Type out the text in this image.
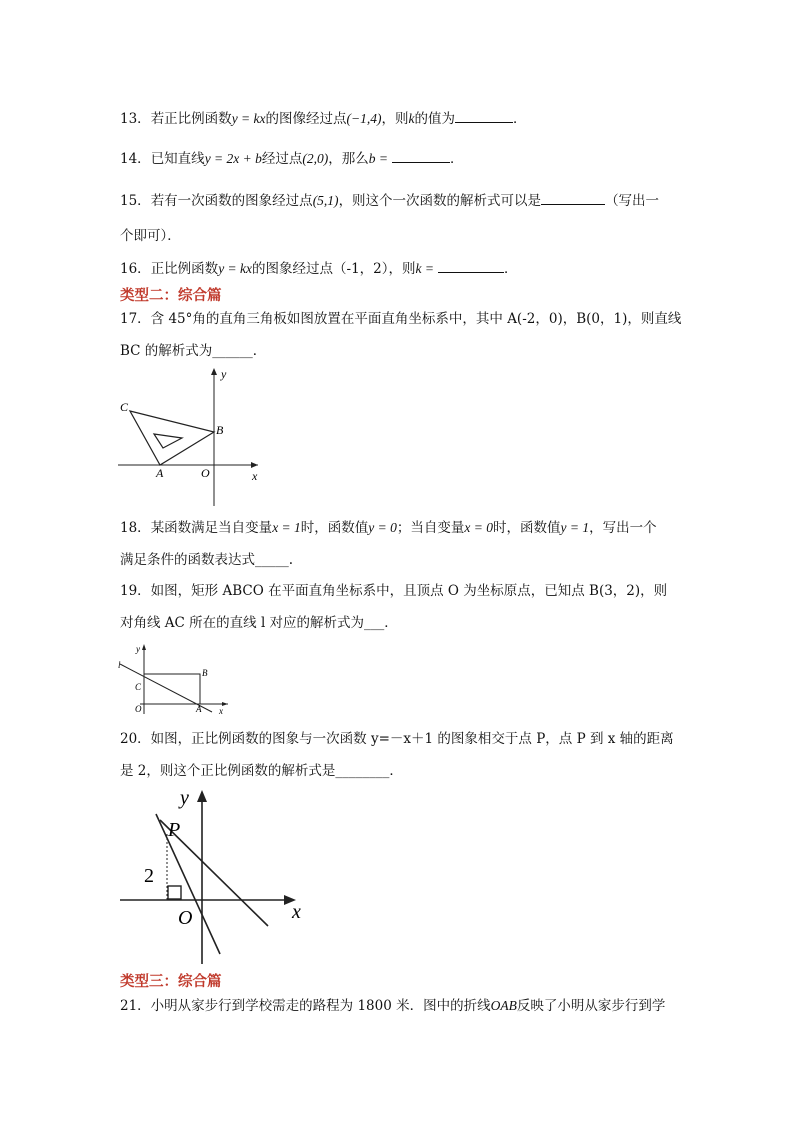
13．若正比例函数y = kx的图像经过点(−1,4)，则k的值为	．
14．已知直线y = 2x + b经过点(2,0)，那么b =	．
15．若有一次函数的图象经过点(5,1)，则这个一次函数的解析式可以是	（写出一
个即可）．
16．正比例函数y = kx的图象经过点（-1，2），则k =	．
类型二：综合篇
17．含 45°角的直角三角板如图放置在平面直角坐标系中，其中 A(-2，0)，B(0，1)，则直线
BC 的解析式为______．
y
x
C
B
A	O
18．某函数满足当自变量x = 1时，函数值y = 0；当自变量x = 0时，函数值y = 1，写出一个
满足条件的函数表达式_____.
19．如图，矩形 ABCO 在平面直角坐标系中，且顶点 O 为坐标原点，已知点 B(3，2)，则
对角线 AC 所在的直线 l 对应的解析式为___．
y
x
l
B
C
O	A
20．如图，正比例函数的图象与一次函数 y=－x＋1 的图象相交于点 P，点 P 到 x 轴的距离
是 2，则这个正比例函数的解析式是________．
y
x
P
O
2
类型三：综合篇
21．小明从家步行到学校需走的路程为 1800 米．图中的折线OAB反映了小明从家步行到学
